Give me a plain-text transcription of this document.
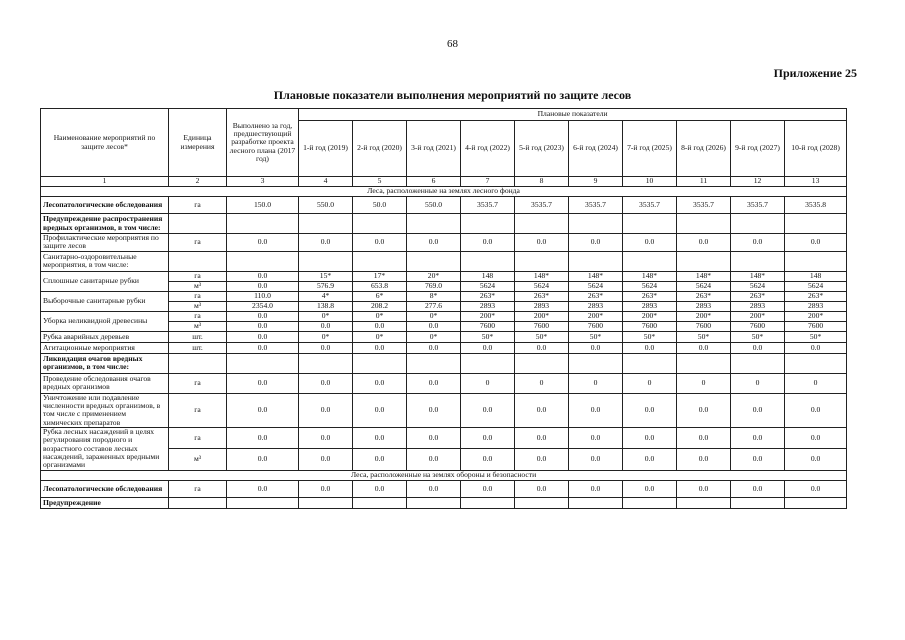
68
Приложение 25
Плановые показатели выполнения мероприятий по защите лесов
Наименование мероприятий по защите лесов*	Единица измерения	Выполнено за год, предшествующий разработке проекта лесного плана (2017 год)	Плановые показатели									
			1-й год (2019)	2-й год (2020)	3-й год (2021)	4-й год (2022)	5-й год (2023)	6-й год (2024)	7-й год (2025)	8-й год (2026)	9-й год (2027)	10-й год (2028)
1	2	3	4	5	6	7	8	9	10	11	12	13
Леса, расположенные на землях лесного фонда												
Лесопатологические обследования	га	150.0	550.0	50.0	550.0	3535.7	3535.7	3535.7	3535.7	3535.7	3535.7	3535.8
Предупреждение распространения вредных организмов, в том числе:												
Профилактические мероприятия по защите лесов	га	0.0	0.0	0.0	0.0	0.0	0.0	0.0	0.0	0.0	0.0	0.0
Санитарно-оздоровительные мероприятия, в том числе:												
Сплошные санитарные рубки	га	0.0	15*	17*	20*	148	148*	148*	148*	148*	148*	148
	м³	0.0	576.9	653.8	769.0	5624	5624	5624	5624	5624	5624	5624
Выборочные санитарные рубки	га	110.0	4*	6*	8*	263*	263*	263*	263*	263*	263*	263*
	м³	2354.0	138.8	208.2	277.6	2893	2893	2893	2893	2893	2893	2893
Уборка неликвидной древесины	га	0.0	0*	0*	0*	200*	200*	200*	200*	200*	200*	200*
	м³	0.0	0.0	0.0	0.0	7600	7600	7600	7600	7600	7600	7600
Рубка аварийных деревьев	шт.	0.0	0*	0*	0*	50*	50*	50*	50*	50*	50*	50*
Агитационные мероприятия	шт.	0.0	0.0	0.0	0.0	0.0	0.0	0.0	0.0	0.0	0.0	0.0
Ликвидация очагов вредных организмов, в том числе:												
Проведение обследования очагов вредных организмов	га	0.0	0.0	0.0	0.0	0	0	0	0	0	0	0
Уничтожение или подавление численности вредных организмов, в том числе с применением химических препаратов	га	0.0	0.0	0.0	0.0	0.0	0.0	0.0	0.0	0.0	0.0	0.0
Рубка лесных насаждений в целях регулирования породного и возрастного составов лесных насаждений, зараженных вредными организмами	га	0.0	0.0	0.0	0.0	0.0	0.0	0.0	0.0	0.0	0.0	0.0
	м³	0.0	0.0	0.0	0.0	0.0	0.0	0.0	0.0	0.0	0.0	0.0
Леса, расположенные на землях обороны и безопасности												
Лесопатологические обследования	га	0.0	0.0	0.0	0.0	0.0	0.0	0.0	0.0	0.0	0.0	0.0
Предупреждение												
